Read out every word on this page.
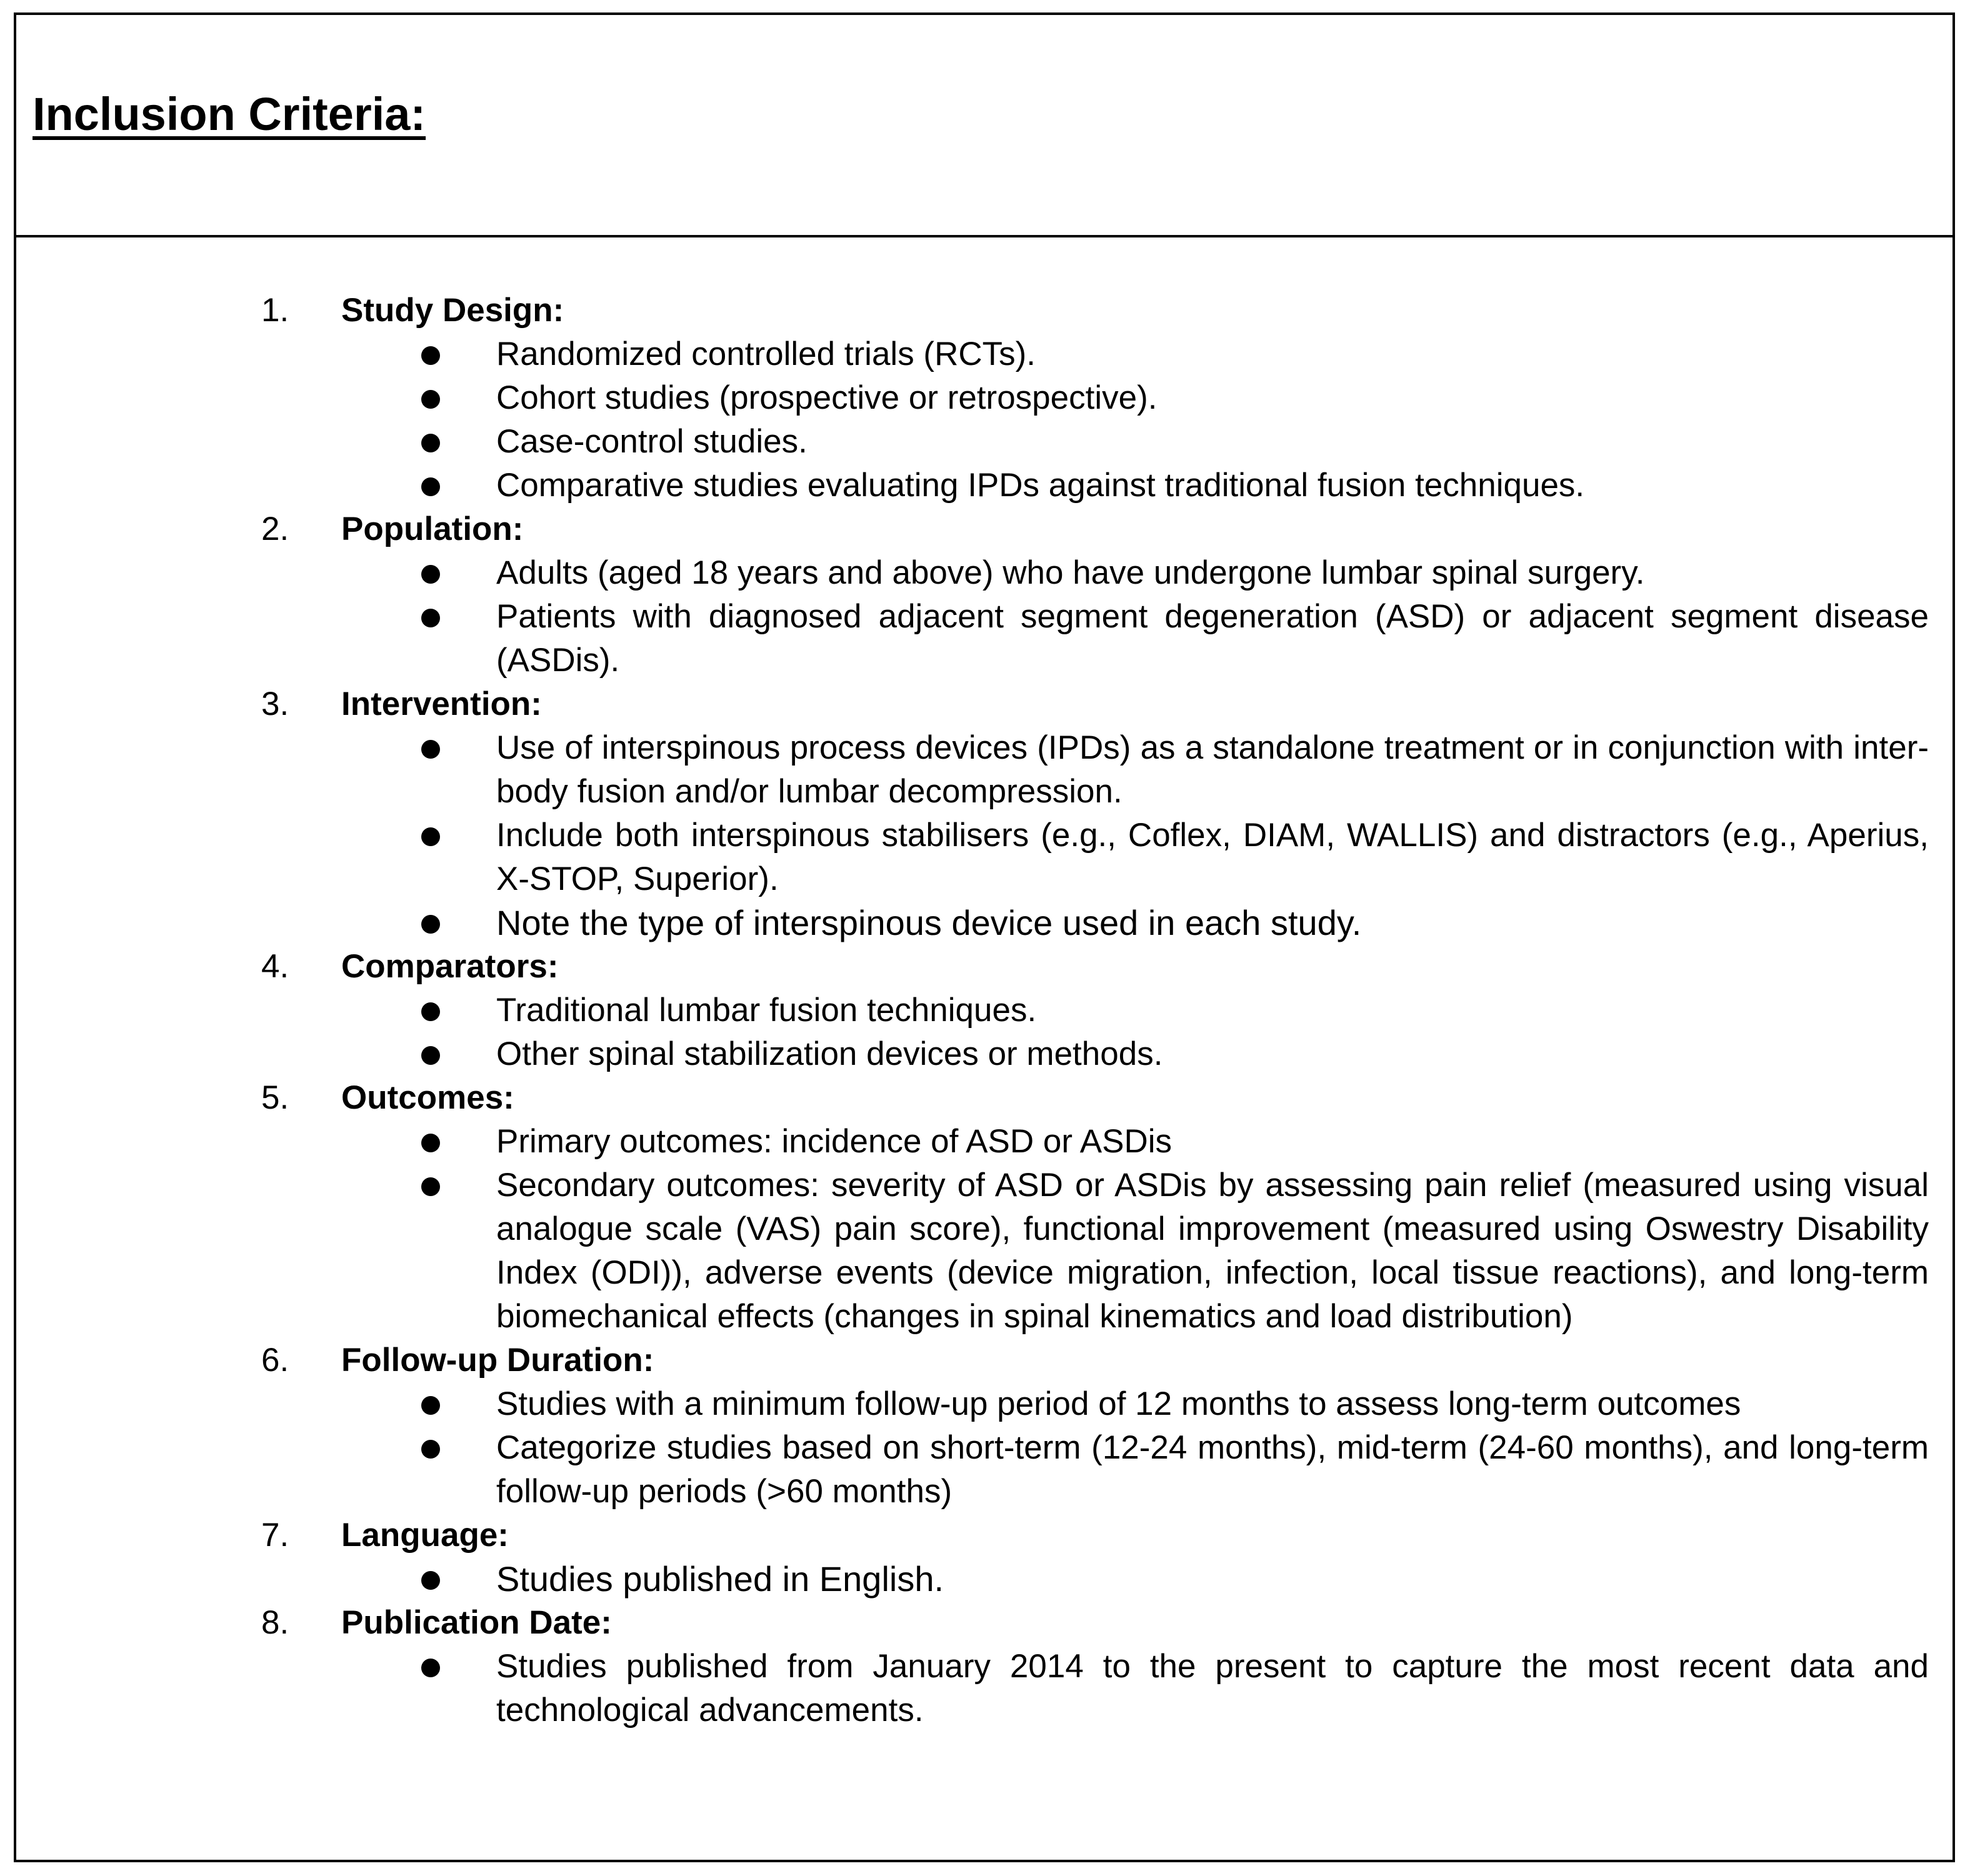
Inclusion Criteria:
1. Study Design:
Randomized controlled trials (RCTs).
Cohort studies (prospective or retrospective).
Case-control studies.
Comparative studies evaluating IPDs against traditional fusion techniques.
2. Population:
Adults (aged 18 years and above) who have undergone lumbar spinal surgery.
Patients with diagnosed adjacent segment degeneration (ASD) or adjacent segment disease (ASDis).
3. Intervention:
Use of interspinous process devices (IPDs) as a standalone treatment or in conjunction with inter-body fusion and/or lumbar decompression.
Include both interspinous stabilisers (e.g., Coflex, DIAM, WALLIS) and distractors (e.g., Aperius, X-STOP, Superior).
Note the type of interspinous device used in each study.
4. Comparators:
Traditional lumbar fusion techniques.
Other spinal stabilization devices or methods.
5. Outcomes:
Primary outcomes: incidence of ASD or ASDis
Secondary outcomes: severity of ASD or ASDis by assessing pain relief (measured using visual analogue scale (VAS) pain score), functional improvement (measured using Oswestry Disability Index (ODI)), adverse events (device migration, infection, local tissue reactions), and long-term biomechanical effects (changes in spinal kinematics and load distribution)
6. Follow-up Duration:
Studies with a minimum follow-up period of 12 months to assess long-term outcomes
Categorize studies based on short-term (12-24 months), mid-term (24-60 months), and long-term follow-up periods (>60 months)
7. Language:
Studies published in English.
8. Publication Date:
Studies published from January 2014 to the present to capture the most recent data and technological advancements.
